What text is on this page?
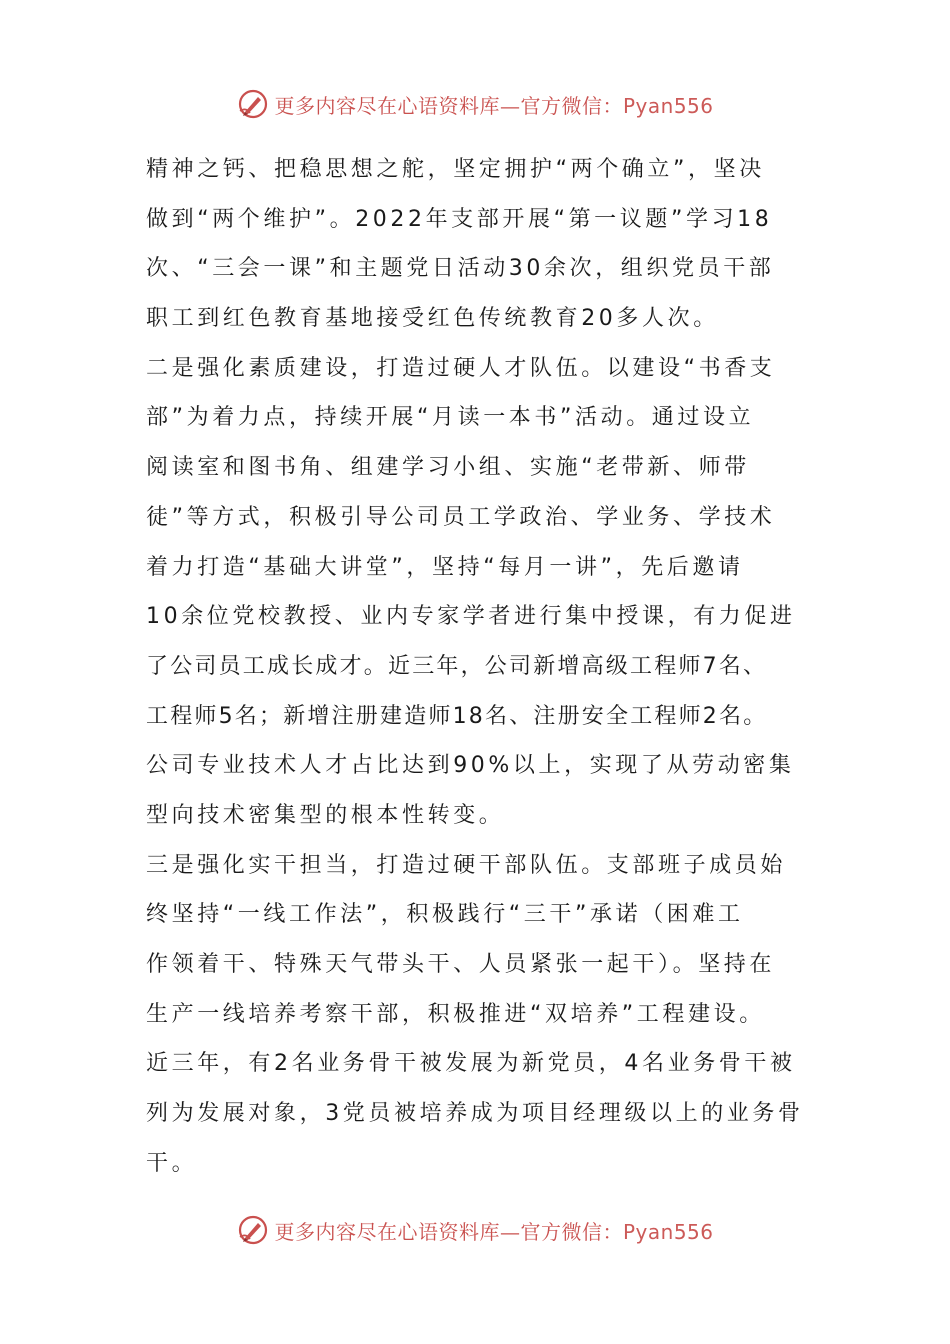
更多内容尽在心语资料库—官方微信：Pyan556
精神之钙、把稳思想之舵，坚定拥护“两个确立”，坚决
做到“两个维护”。2022年支部开展“第一议题”学习18
次、“三会一课”和主题党日活动30余次，组织党员干部
职工到红色教育基地接受红色传统教育20多人次。
二是强化素质建设，打造过硬人才队伍。以建设“书香支
部”为着力点，持续开展“月读一本书”活动。通过设立
阅读室和图书角、组建学习小组、实施“老带新、师带
徒”等方式，积极引导公司员工学政治、学业务、学技术
着力打造“基础大讲堂”，坚持“每月一讲”，先后邀请
10余位党校教授、业内专家学者进行集中授课，有力促进
了公司员工成长成才。近三年，公司新增高级工程师7名、
工程师5名；新增注册建造师18名、注册安全工程师2名。
公司专业技术人才占比达到90%以上，实现了从劳动密集
型向技术密集型的根本性转变。
三是强化实干担当，打造过硬干部队伍。支部班子成员始
终坚持“一线工作法”，积极践行“三干”承诺（困难工
作领着干、特殊天气带头干、人员紧张一起干）。坚持在
生产一线培养考察干部，积极推进“双培养”工程建设。
近三年，有2名业务骨干被发展为新党员，4名业务骨干被
列为发展对象，3党员被培养成为项目经理级以上的业务骨
干。
更多内容尽在心语资料库—官方微信：Pyan556
